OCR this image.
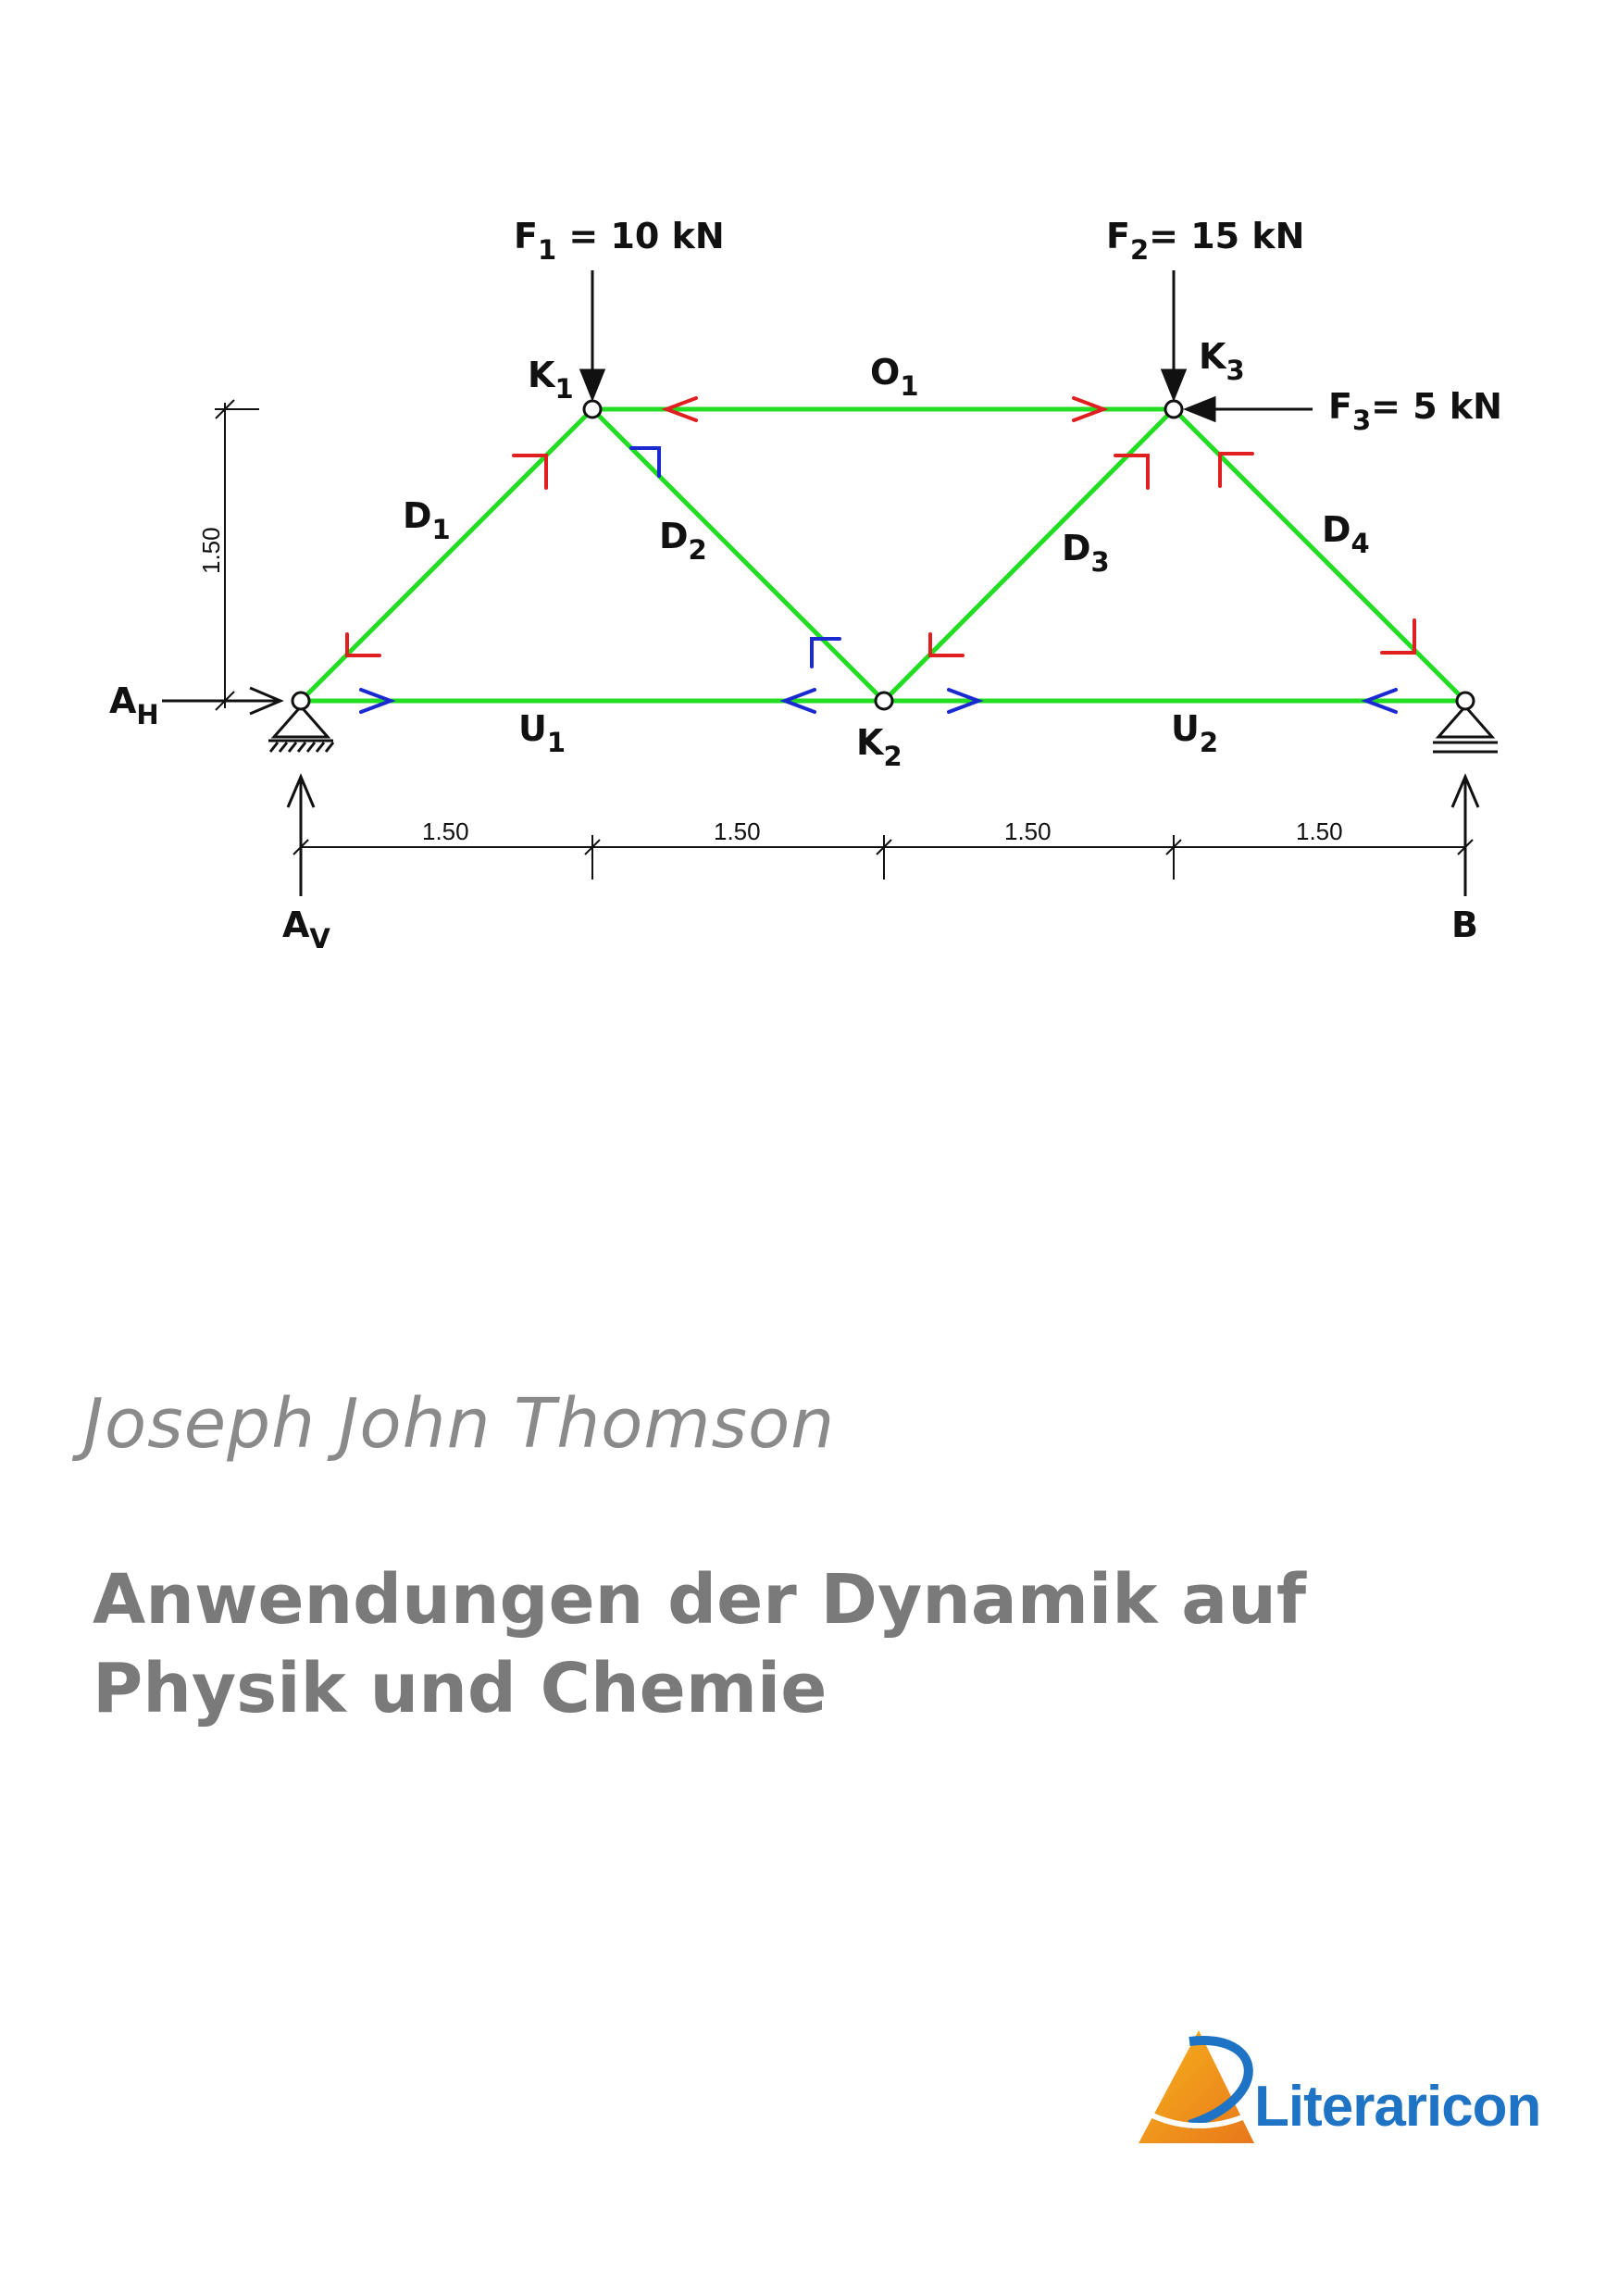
$F_1 = 10$ kN	$F_2= 15$ kN
$F_3= 5$ kN
$K_1$
$K_2$
$K_3$
$O_1$
$D_1$	$D_2$	$D_3$
$D_4$
$U_1$	$U_2$
$A_H$
$A_V$	B
1.50
1.50	1.50	1.50	1.50
Joseph John Thomson
Anwendungen der Dynamik auf
Physik und Chemie
Literaricon
